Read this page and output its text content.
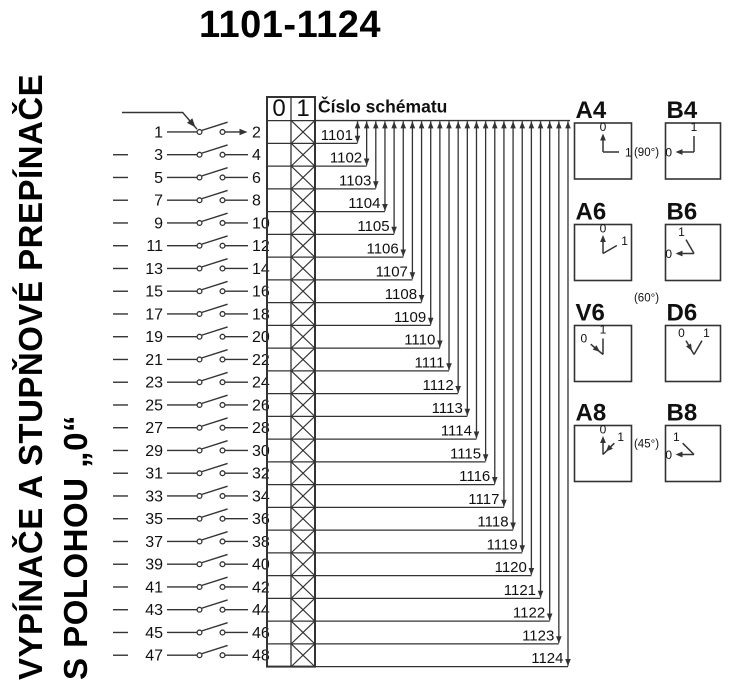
1101-1124
VYPÍNAČE A STUPŇOVÉ PREPÍNAČE S POLOHOU „0“
1	2
3	4
5	6
7	8
9	10
11	12
13	14
15	16
17	18
19	20
21	22
23	24
25	26
27	28
29	30
31	32
33	34
35	36
37	38
39	40
41	42
43	44
45	46
47	48
0 1 Číslo schématu
1101
1102
1103
1104
1105
1106
1107
1108
1109
1110
1111
1112
1113
1114
1115
1116
1117
1118
1119
1120
1121
1122
1123
1124
A4
0
1 (90°)
B4
1
0
A6
0
1
(60°)
B6
1
0
V6
1
0
D6
0 1
A8
0
1
(45°)
B8
1
0
